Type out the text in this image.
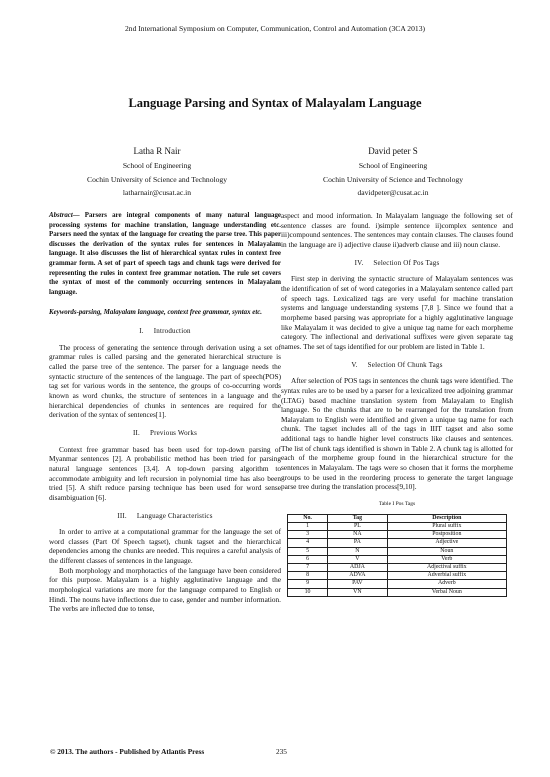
2nd International Symposium on Computer, Communication, Control and Automation (3CA 2013)
Language Parsing and Syntax of Malayalam Language
Latha R Nair
School of Engineering
Cochin University of Science and Technology
latharnair@cusat.ac.in
David peter S
School of Engineering
Cochin University of Science and Technology
davidpeter@cusat.ac.in

Abstract— Parsers are integral components of many natural language processing systems for machine translation, language understanding etc. Parsers need the syntax of the language for creating the parse tree. This paper discusses the derivation of the syntax rules for sentences in Malayalam language. It also discusses the list of hierarchical syntax rules in context free grammar form. A set of part of speech tags and chunk tags were derived for representing the rules in context free grammar notation. The rule set covers the syntax of most of the commonly occurring sentences in Malayalam language.

Keywords-parsing, Malayalam language, context free grammar, syntax etc.

I. Introduction

The process of generating the sentence through derivation using a set of grammar rules is called parsing and the generated hierarchical structure is called the parse tree of the sentence. The parser for a language needs the syntactic structure of the sentences of the language. The part of speech(POS) tag set for various words in the sentence, the groups of co-occurring words known as word chunks, the structure of sentences in a language and the hierarchical dependencies of chunks in sentences are required for the derivation of the syntax of sentences[1].

II. Previous Works

Context free grammar based has been used for top-down parsing of Myanmar sentences [2]. A probabilistic method has been tried for parsing natural language sentences [3,4]. A top-down parsing algorithm to accommodate ambiguity and left recursion in polynomial time has also been tried [5]. A shift reduce parsing technique has been used for word sense disambiguation [6].

III. Language Characteristics

In order to arrive at a computational grammar for the language the set of word classes (Part Of Speech tagset), chunk tagset and the hierarchical dependencies among the chunks are needed. This requires a careful analysis of the different classes of sentences in the language.

Both morphology and morphotactics of the language have been considered for this purpose. Malayalam is a highly agglutinative language and the morphological variations are more for the language compared to English or Hindi. The nouns have inflections due to case, gender and number information. The verbs are inflected due to tense,

aspect and mood information. In Malayalam language the following set of sentence classes are found. i)simple sentence ii)complex sentence and iii)compound sentences. The sentences may contain clauses. The clauses found in the language are i) adjective clause ii)adverb clause and iii) noun clause.

IV. Selection Of Pos Tags

First step in deriving the syntactic structure of Malayalam sentences was the identification of set of word categories in a Malayalam sentence called part of speech tags. Lexicalized tags are very useful for machine translation systems and language understanding systems [7,8 ]. Since we found that a morpheme based parsing was appropriate for a highly agglutinative language like Malayalam it was decided to give a unique tag name for each morpheme category. The inflectional and derivational suffixes were given separate tag names. The set of tags identified for our problem are listed in Table 1.

V. Selection Of Chunk Tags

After selection of POS tags in sentences the chunk tags were identified. The syntax rules are to be used by a parser for a lexicalized tree adjoining grammar (LTAG) based machine translation system from Malayalam to English language. So the chunks that are to be rearranged for the translation from Malayalam to English were identified and given a unique tag name for each chunk. The tagset includes all of the tags in IIIT tagset and also some additional tags to handle higher level constructs like clauses and sentences. The list of chunk tags identified is shown in Table 2. A chunk tag is allotted for each of the morpheme group found in the hierarchical structure for the sentences in Malayalam. The tags were so chosen that it forms the morpheme groups to be used in the reordering process to generate the target language parse tree during the translation process[9,10].

Table I Pos Tags
No.	Tag	Description
1	PL	Plural suffix
3	NA	Postposition
4	PA	Adjective
5	N	Noun
6	V	Verb
7	ADJA	Adjectival suffix
8	ADVA	Adverbial suffix
9	PAV	Adverb
10	VN	Verbal Noun
© 2013. The authors - Published by Atlantis Press	235
